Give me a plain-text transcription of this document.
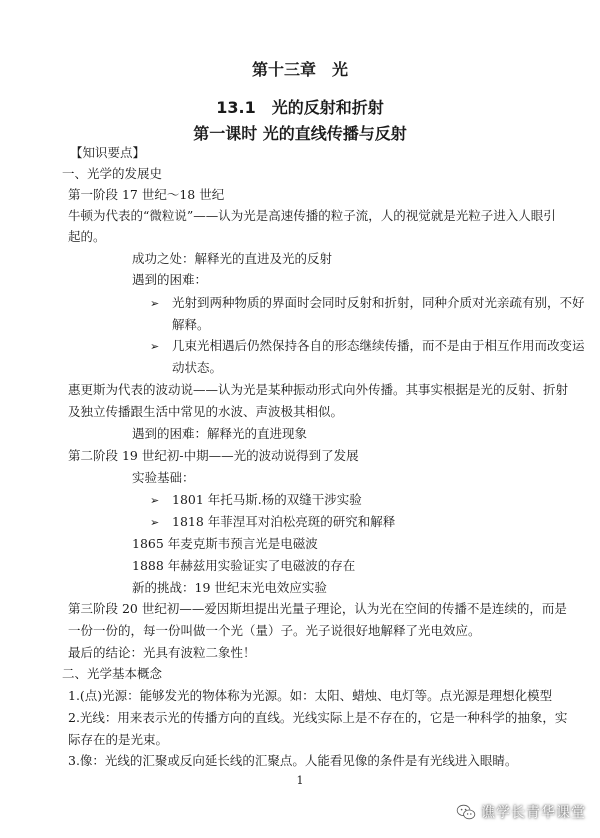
第十三章　光
13.1　光的反射和折射
第一课时 光的直线传播与反射
【知识要点】
一、光学的发展史
第一阶段 17 世纪～18 世纪
牛顿为代表的“微粒说”——认为光是高速传播的粒子流，人的视觉就是光粒子进入人眼引
起的。
成功之处：解释光的直进及光的反射
遇到的困难：
➢ 光射到两种物质的界面时会同时反射和折射，同种介质对光亲疏有别，不好
解释。
➢ 几束光相遇后仍然保持各自的形态继续传播，而不是由于相互作用而改变运
动状态。
惠更斯为代表的波动说——认为光是某种振动形式向外传播。其事实根据是光的反射、折射
及独立传播跟生活中常见的水波、声波极其相似。
遇到的困难：解释光的直进现象
第二阶段 19 世纪初-中期——光的波动说得到了发展
实验基础：
➢ 1801 年托马斯.杨的双缝干涉实验
➢ 1818 年菲涅耳对泊松亮斑的研究和解释
1865 年麦克斯韦预言光是电磁波
1888 年赫兹用实验证实了电磁波的存在
新的挑战：19 世纪末光电效应实验
第三阶段 20 世纪初——爱因斯坦提出光量子理论，认为光在空间的传播不是连续的，而是
一份一份的，每一份叫做一个光（量）子。光子说很好地解释了光电效应。
最后的结论：光具有波粒二象性！
二、光学基本概念
1.(点)光源：能够发光的物体称为光源。如：太阳、蜡烛、电灯等。点光源是理想化模型
2.光线：用来表示光的传播方向的直线。光线实际上是不存在的，它是一种科学的抽象，实
际存在的是光束。
3.像：光线的汇聚或反向延长线的汇聚点。人能看见像的条件是有光线进入眼睛。
1
谯学长青华课堂
